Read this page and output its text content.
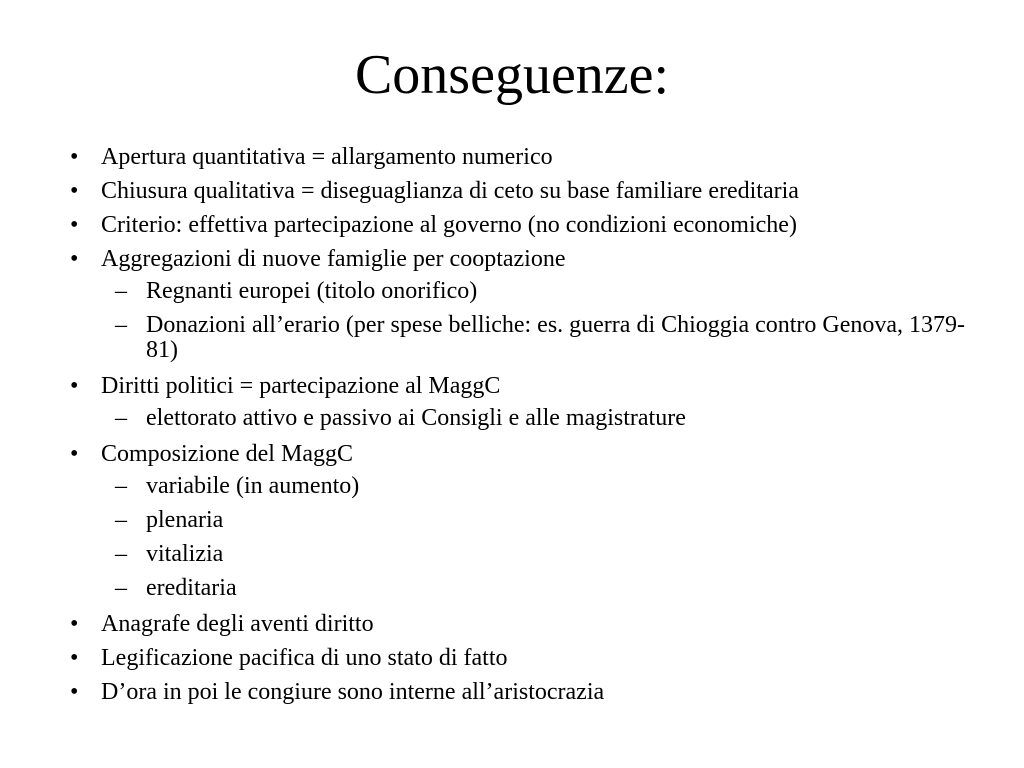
Conseguenze:
• Apertura quantitativa = allargamento numerico
• Chiusura qualitativa = diseguaglianza di ceto su base familiare ereditaria
• Criterio: effettiva partecipazione al governo (no condizioni economiche)
• Aggregazioni di nuove famiglie per cooptazione
– Regnanti europei (titolo onorifico)
– Donazioni all’erario (per spese belliche: es. guerra di Chioggia contro Genova, 1379-81)
• Diritti politici = partecipazione al MaggC
– elettorato attivo e passivo ai Consigli e alle magistrature
• Composizione del MaggC
– variabile (in aumento)
– plenaria
– vitalizia
– ereditaria
• Anagrafe degli aventi diritto
• Legificazione pacifica di uno stato di fatto
• D’ora in poi le congiure sono interne all’aristocrazia
